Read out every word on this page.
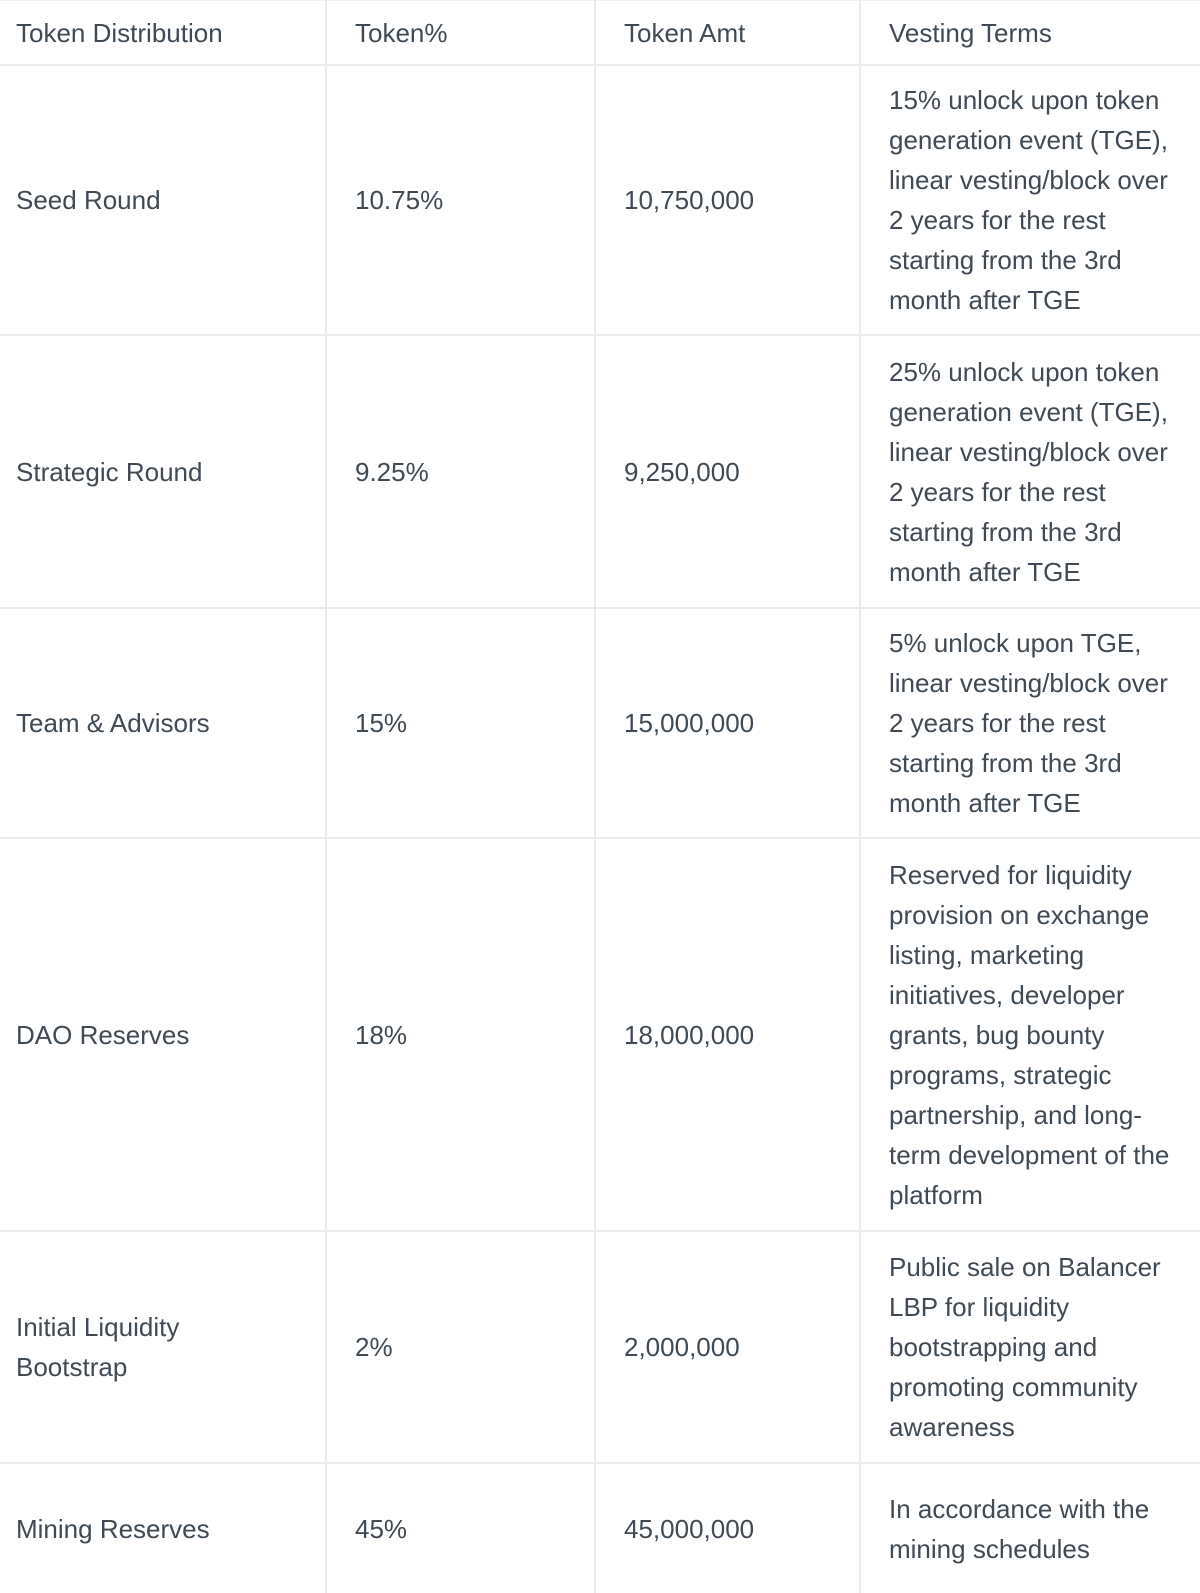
Token Distribution	Token%	Token Amt	Vesting Terms
Seed Round	10.75%	10,750,000	15% unlock upon token generation event (TGE), linear vesting/block over 2 years for the rest starting from the 3rd month after TGE
Strategic Round	9.25%	9,250,000	25% unlock upon token generation event (TGE), linear vesting/block over 2 years for the rest starting from the 3rd month after TGE
Team & Advisors	15%	15,000,000	5% unlock upon TGE, linear vesting/block over 2 years for the rest starting from the 3rd month after TGE
DAO Reserves	18%	18,000,000	Reserved for liquidity provision on exchange listing, marketing initiatives, developer grants, bug bounty programs, strategic partnership, and long-term development of the platform
Initial Liquidity Bootstrap	2%	2,000,000	Public sale on Balancer LBP for liquidity bootstrapping and promoting community awareness
Mining Reserves	45%	45,000,000	In accordance with the mining schedules
